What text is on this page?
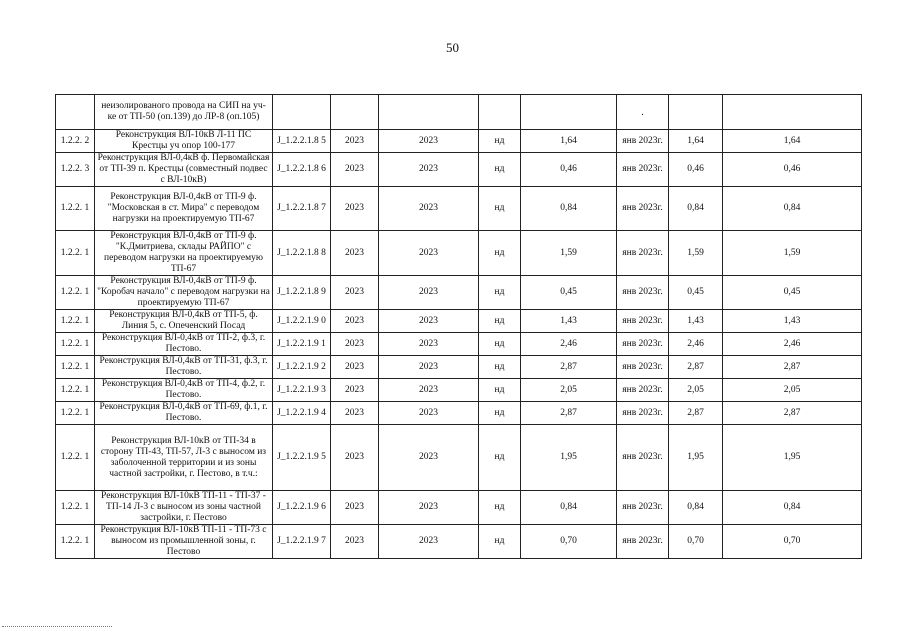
50
	неизолированого провода на СИП на уч-ке от ТП-50 (оп.139) до ЛР-8 (оп.105)						.		
1.2.2. 2	Реконструкция ВЛ-10кВ Л-11 ПС Крестцы уч опор 100-177	J_1.2.2.1.8 5	2023	2023	нд	1,64	янв 2023г.	1,64	1,64
1.2.2. 3	Реконструкция ВЛ-0,4кВ ф. Первомайская от ТП-39 п. Крестцы (совместный подвес с ВЛ-10кВ)	J_1.2.2.1.8 6	2023	2023	нд	0,46	янв 2023г.	0,46	0,46
1.2.2. 1	Реконструкция ВЛ-0,4кВ от ТП-9 ф. "Московская в ст. Мира" с переводом нагрузки на проектируемую ТП-67	J_1.2.2.1.8 7	2023	2023	нд	0,84	янв 2023г.	0,84	0,84
1.2.2. 1	Реконструкция ВЛ-0,4кВ от ТП-9 ф. "К.Дмитриева, склады РАЙПО" с переводом нагрузки на проектируемую ТП-67	J_1.2.2.1.8 8	2023	2023	нд	1,59	янв 2023г.	1,59	1,59
1.2.2. 1	Реконструкция ВЛ-0,4кВ от ТП-9 ф. "Коробач начало" с переводом нагрузки на проектируемую ТП-67	J_1.2.2.1.8 9	2023	2023	нд	0,45	янв 2023г.	0,45	0,45
1.2.2. 1	Реконструкция ВЛ-0,4кВ от ТП-5, ф. Линия 5, с. Опеченский Посад	J_1.2.2.1.9 0	2023	2023	нд	1,43	янв 2023г.	1,43	1,43
1.2.2. 1	Реконструкция ВЛ-0,4кВ от ТП-2, ф.3, г. Пестово.	J_1.2.2.1.9 1	2023	2023	нд	2,46	янв 2023г.	2,46	2,46
1.2.2. 1	Реконструкция ВЛ-0,4кВ от ТП-31, ф.3, г. Пестово.	J_1.2.2.1.9 2	2023	2023	нд	2,87	янв 2023г.	2,87	2,87
1.2.2. 1	Реконструкция ВЛ-0,4кВ от ТП-4, ф.2, г. Пестово.	J_1.2.2.1.9 3	2023	2023	нд	2,05	янв 2023г.	2,05	2,05
1.2.2. 1	Реконструкция ВЛ-0,4кВ от ТП-69, ф.1, г. Пестово.	J_1.2.2.1.9 4	2023	2023	нд	2,87	янв 2023г.	2,87	2,87
1.2.2. 1	Реконструкция ВЛ-10кВ от ТП-34 в сторону ТП-43, ТП-57, Л-3 с выносом из заболоченной территории и из зоны частной застройки, г. Пестово, в т.ч.:	J_1.2.2.1.9 5	2023	2023	нд	1,95	янв 2023г.	1,95	1,95
1.2.2. 1	Реконструкция ВЛ-10кВ ТП-11 - ТП-37 - ТП-14 Л-3 с выносом из зоны частной застройки, г. Пестово	J_1.2.2.1.9 6	2023	2023	нд	0,84	янв 2023г.	0,84	0,84
1.2.2. 1	Реконструкция ВЛ-10кВ ТП-11 - ТП-73 с выносом из промышленной зоны, г. Пестово	J_1.2.2.1.9 7	2023	2023	нд	0,70	янв 2023г.	0,70	0,70
